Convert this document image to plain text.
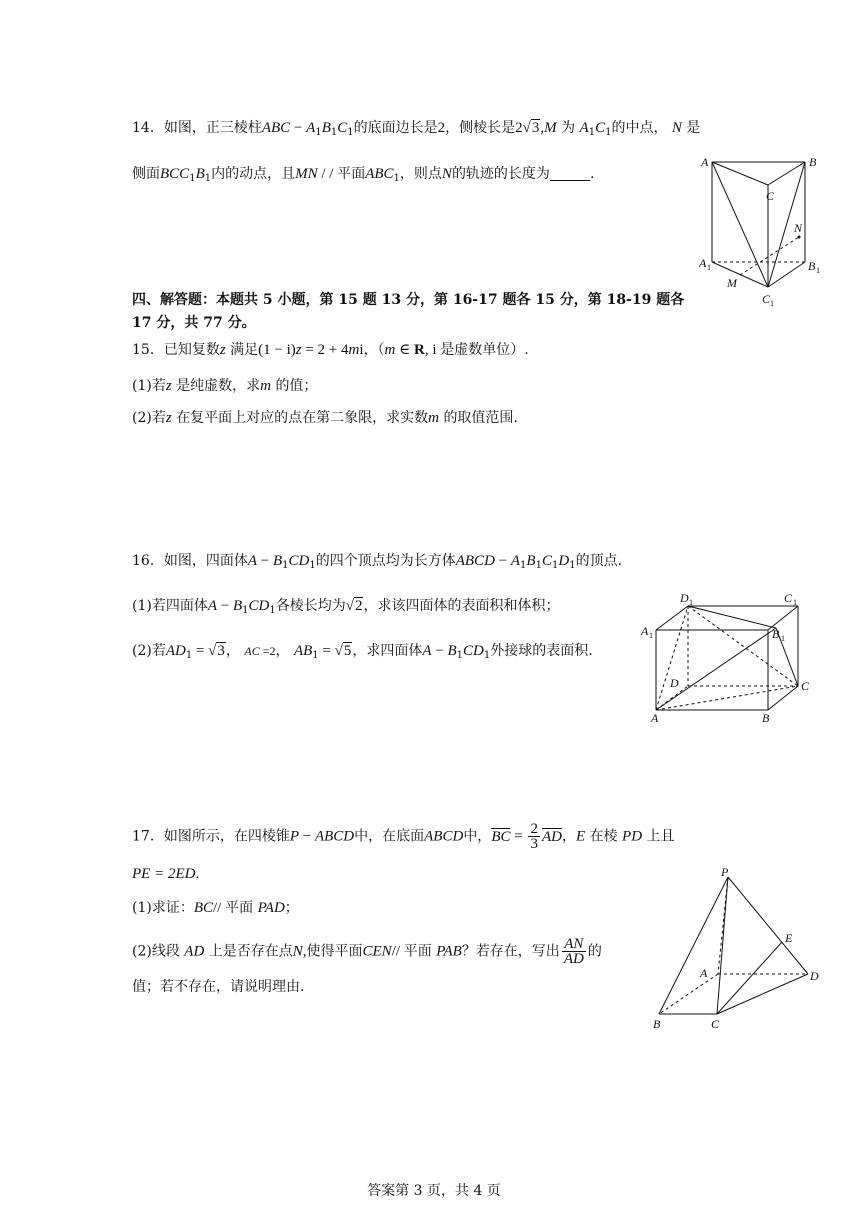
14．如图，正三棱柱ABC − $A_1B_1C_1$的底面边长是2，侧棱长是2√3,M 为 $A_1C_1$的中点， N 是
侧面$BCC_1B_1$内的动点，且MN / / 平面$ABC_1$，则点N的轨迹的长度为	.
A	B
C
N
A 1	B 1
M
C 1
四、解答题：本题共 5 小题，第 15 题 13 分，第 16-17 题各 15 分，第 18-19 题各
17 分，共 77 分。
15．已知复数z 满足(1 − i)z = 2 + 4mi，（m ∈ R, i 是虚数单位）.
(1)若z 是纯虚数，求m 的值；
(2)若z 在复平面上对应的点在第二象限，求实数m 的取值范围.
16．如图，四面体$A - B_1CD_1$的四个顶点均为长方体ABCD − $A_1B_1C_1D_1$的顶点.
(1)若四面体$A - B_1CD_1$各棱长均为√2，求该四面体的表面积和体积；
(2)若$AD_1 = √3$， AC =2， $AB_1 = √5$，求四面体$A - B_1CD_1$外接球的表面积.
D 1	C 1
A 1	B 1
D	C
A	B
17．如图所示，在四棱锥P − ABCD中，在底面ABCD中，BC = $\frac{2}{3}$ AD，E 在棱 PD 上且
PE = 2ED.
(1)求证：BC// 平面 PAD；
(2)线段 AD 上是否存在点N,使得平面CEN// 平面 PAB？若存在，写出 $\frac{AN}{AD}$ 的
值；若不存在，请说明理由.
P
E
A	D
B	C
答案第 3 页，共 4 页
